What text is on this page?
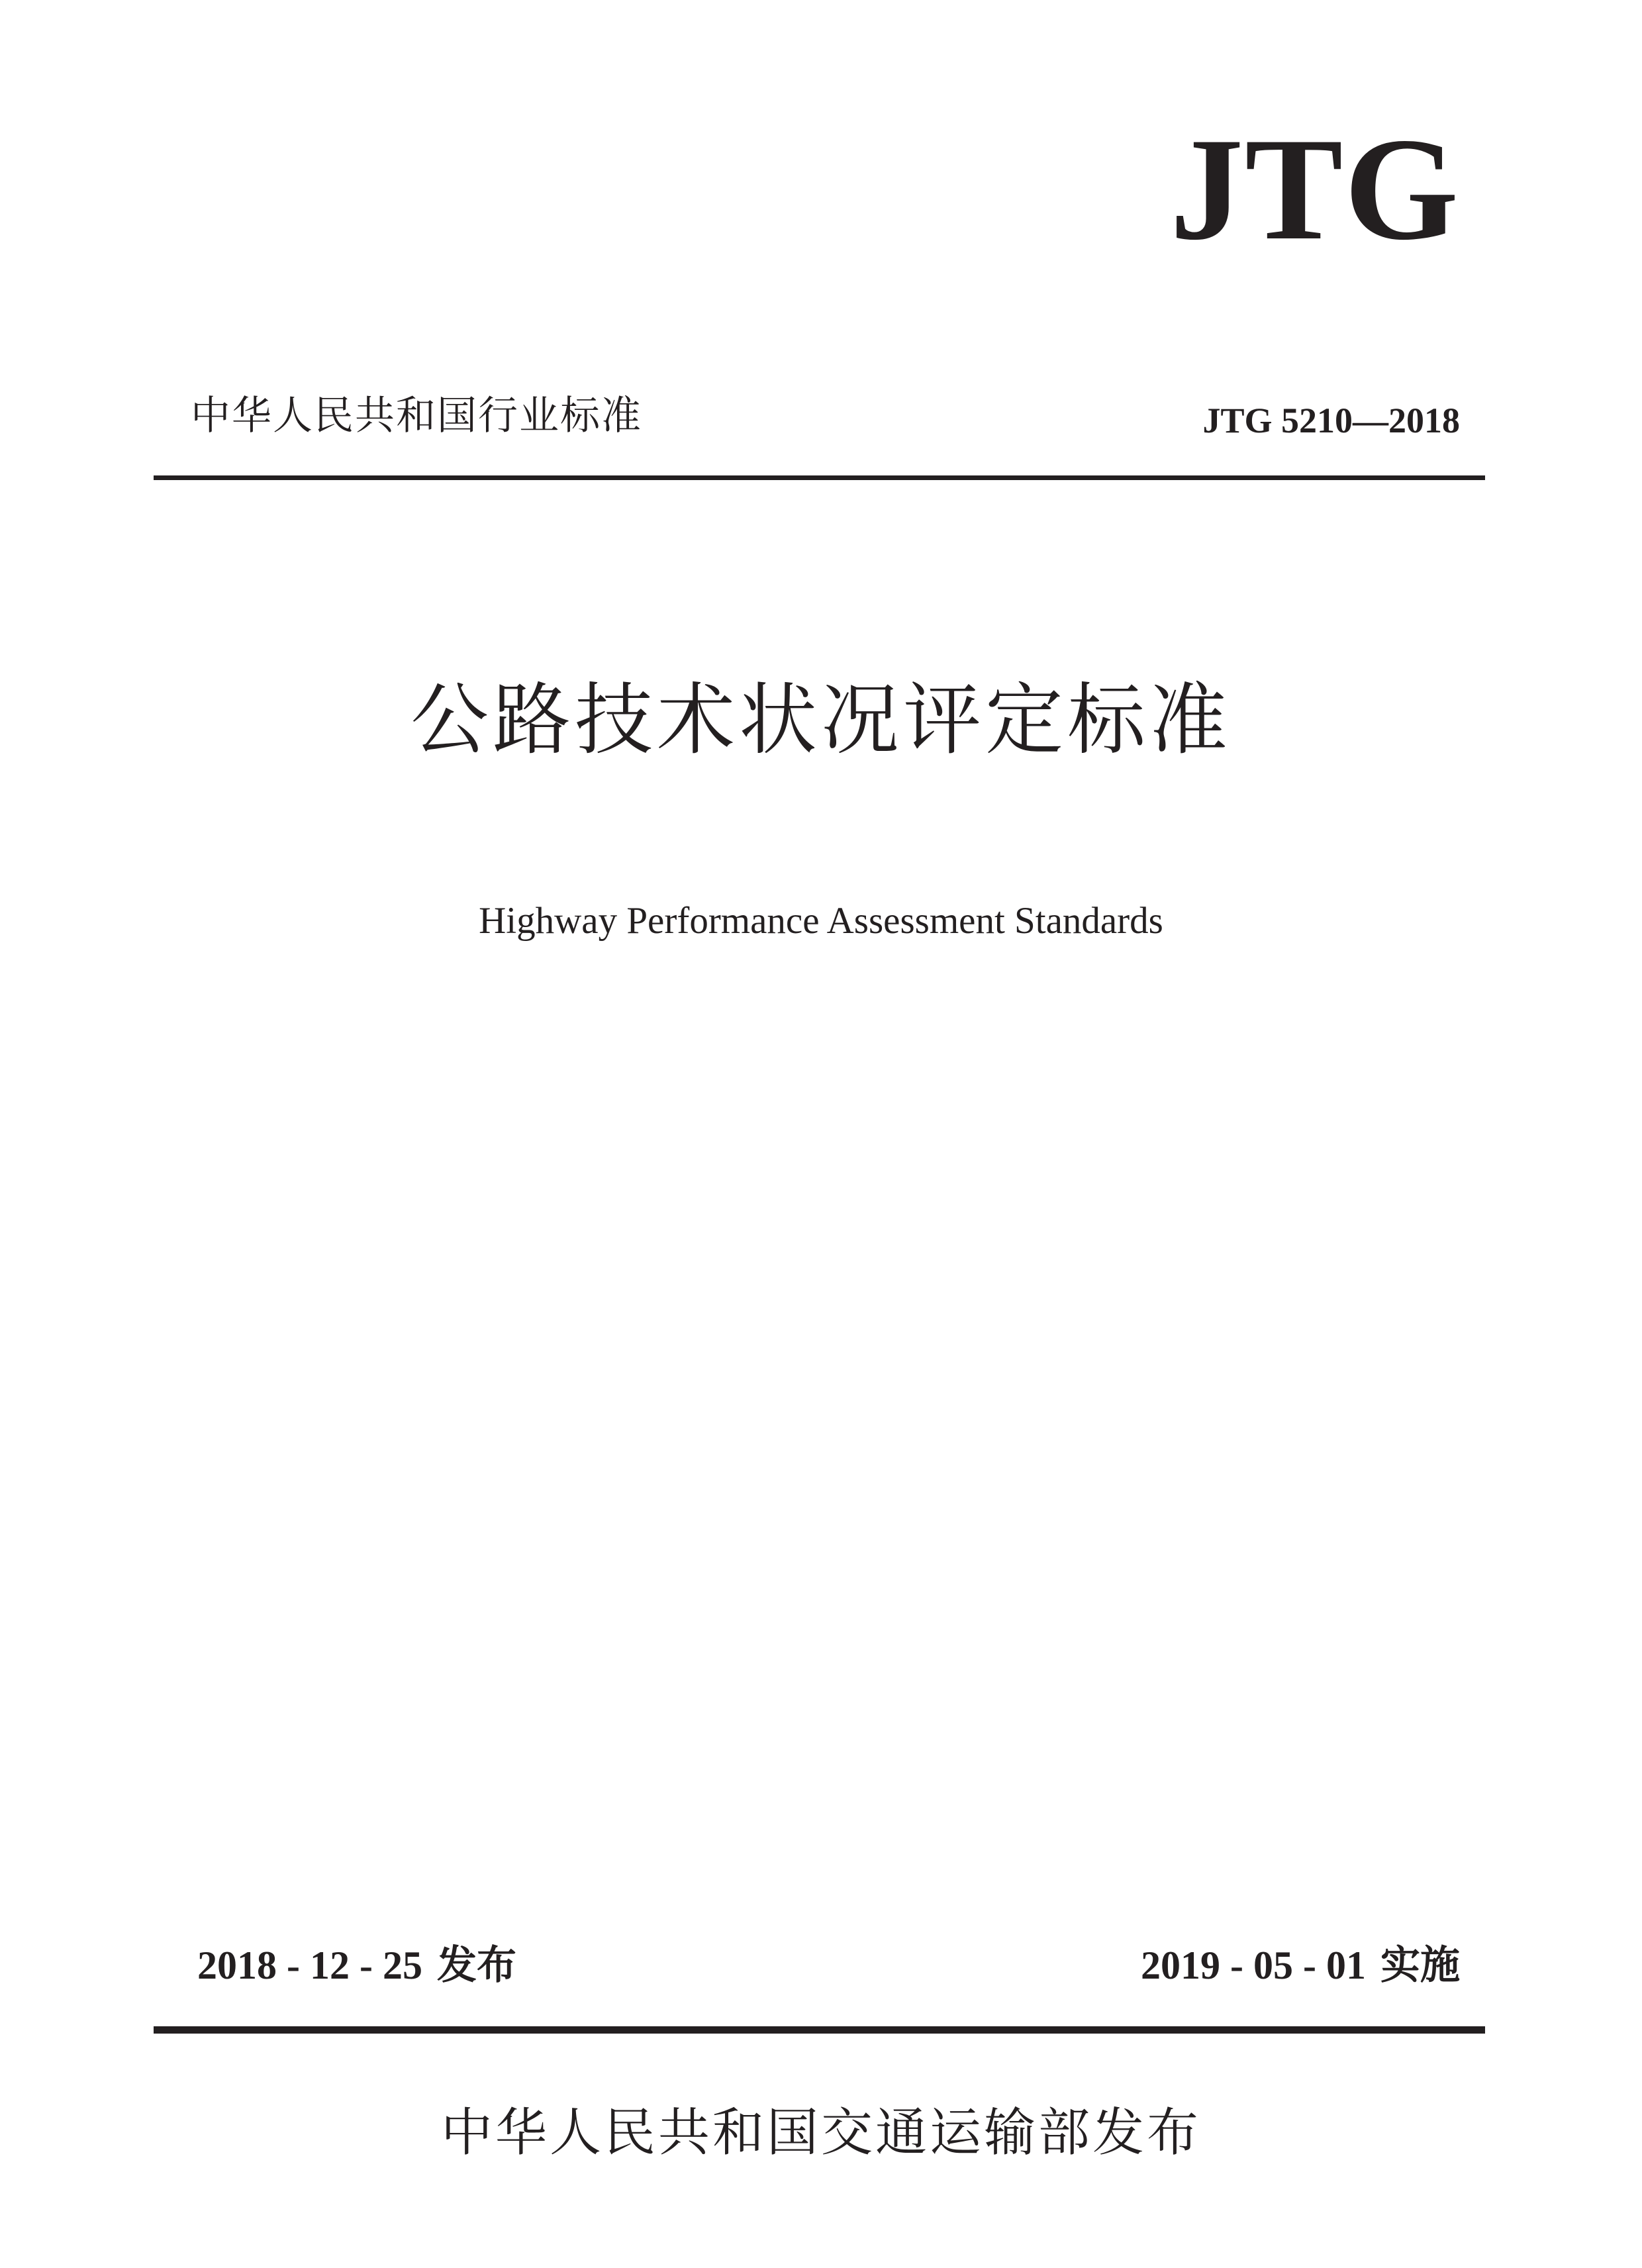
JTG
中华人民共和国行业标准	JTG 5210—2018
公路技术状况评定标准
Highway Performance Assessment Standards
2018 - 12 - 25 发布	2019 - 05 - 01 实施
中华人民共和国交通运输部发布
